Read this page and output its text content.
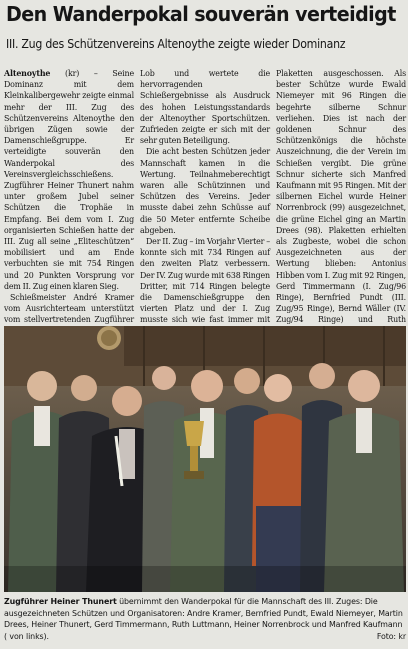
Den Wanderpokal souverän verteidigt
III. Zug des Schützenvereins Altenoythe zeigte wieder Dominanz

Altenoythe (kr) – Seine Dominanz mit dem Kleinkalibergewehr zeigte einmal mehr der III. Zug des Schützenvereins Altenoythe den übrigen Zügen sowie der Damenschießgruppe. Er verteidigte souverän den Wanderpokal des Vereinsvergleichsschießens. Zugführer Heiner Thunert nahm unter großem Jubel seiner Schützen die Trophäe in Empfang. Bei dem vom I. Zug organisierten Schießen hatte der III. Zug all seine „Eliteschützen“ mobilisiert und am Ende verbuchten sie mit 754 Ringen und 20 Punkten Vorsprung vor dem II. Zug einen klaren Sieg.

Schießmeister André Kramer vom Ausrichterteam unterstützt vom stellvertretenden Zugführer

Lob und wertete die hervorragenden Schießergebnisse als Ausdruck des hohen Leistungsstandards der Altenoyther Sportschützen. Zufrieden zeigte er sich mit der sehr guten Beteiligung.

Die acht besten Schützen jeder Mannschaft kamen in die Wertung. Teilnahmeberechtigt waren alle Schützinnen und Schützen des Vereins. Jeder musste dabei zehn Schüsse auf die 50 Meter entfernte Scheibe abgeben.

Der II. Zug – im Vorjahr Vierter – konnte sich mit 734 Ringen auf den zweiten Platz verbessern. Der IV. Zug wurde mit 638 Ringen Dritter, mit 714 Ringen belegte die Damenschießgruppe den vierten Platz und der I. Zug musste sich wie fast immer mit

Plaketten ausgeschossen. Als bester Schütze wurde Ewald Niemeyer mit 96 Ringen die begehrte silberne Schnur verliehen. Dies ist nach der goldenen Schnur des Schützenkönigs die höchste Auszeichnung, die der Verein im Schießen vergibt. Die grüne Schnur sicherte sich Manfred Kaufmann mit 95 Ringen. Mit der silbernen Eichel wurde Heiner Norrenbrock (99) ausgezeichnet, die grüne Eichel ging an Martin Drees (98). Plaketten erhielten als Zugbeste, wobei die schon Ausgezeichneten aus der Wertung blieben: Antonius Hibben vom I. Zug mit 92 Ringen, Gerd Timmermann (I. Zug/96 Ringe), Bernfried Pundt (III. Zug/95 Ringe), Bernd Wäller (IV. Zug/94 Ringe) und Ruth

Zugführer Heiner Thunert übernimmt den Wanderpokal für die Mannschaft des III. Zuges: Die ausgezeichneten Schützen und Organisatoren: Andre Kramer, Bernfried Pundt, Ewald Niemeyer, Martin Drees, Heiner Thunert, Gerd Timmermann, Ruth Luttmann, Heiner Norrenbrock und Manfred Kaufmann ( von links).	Foto: kr
